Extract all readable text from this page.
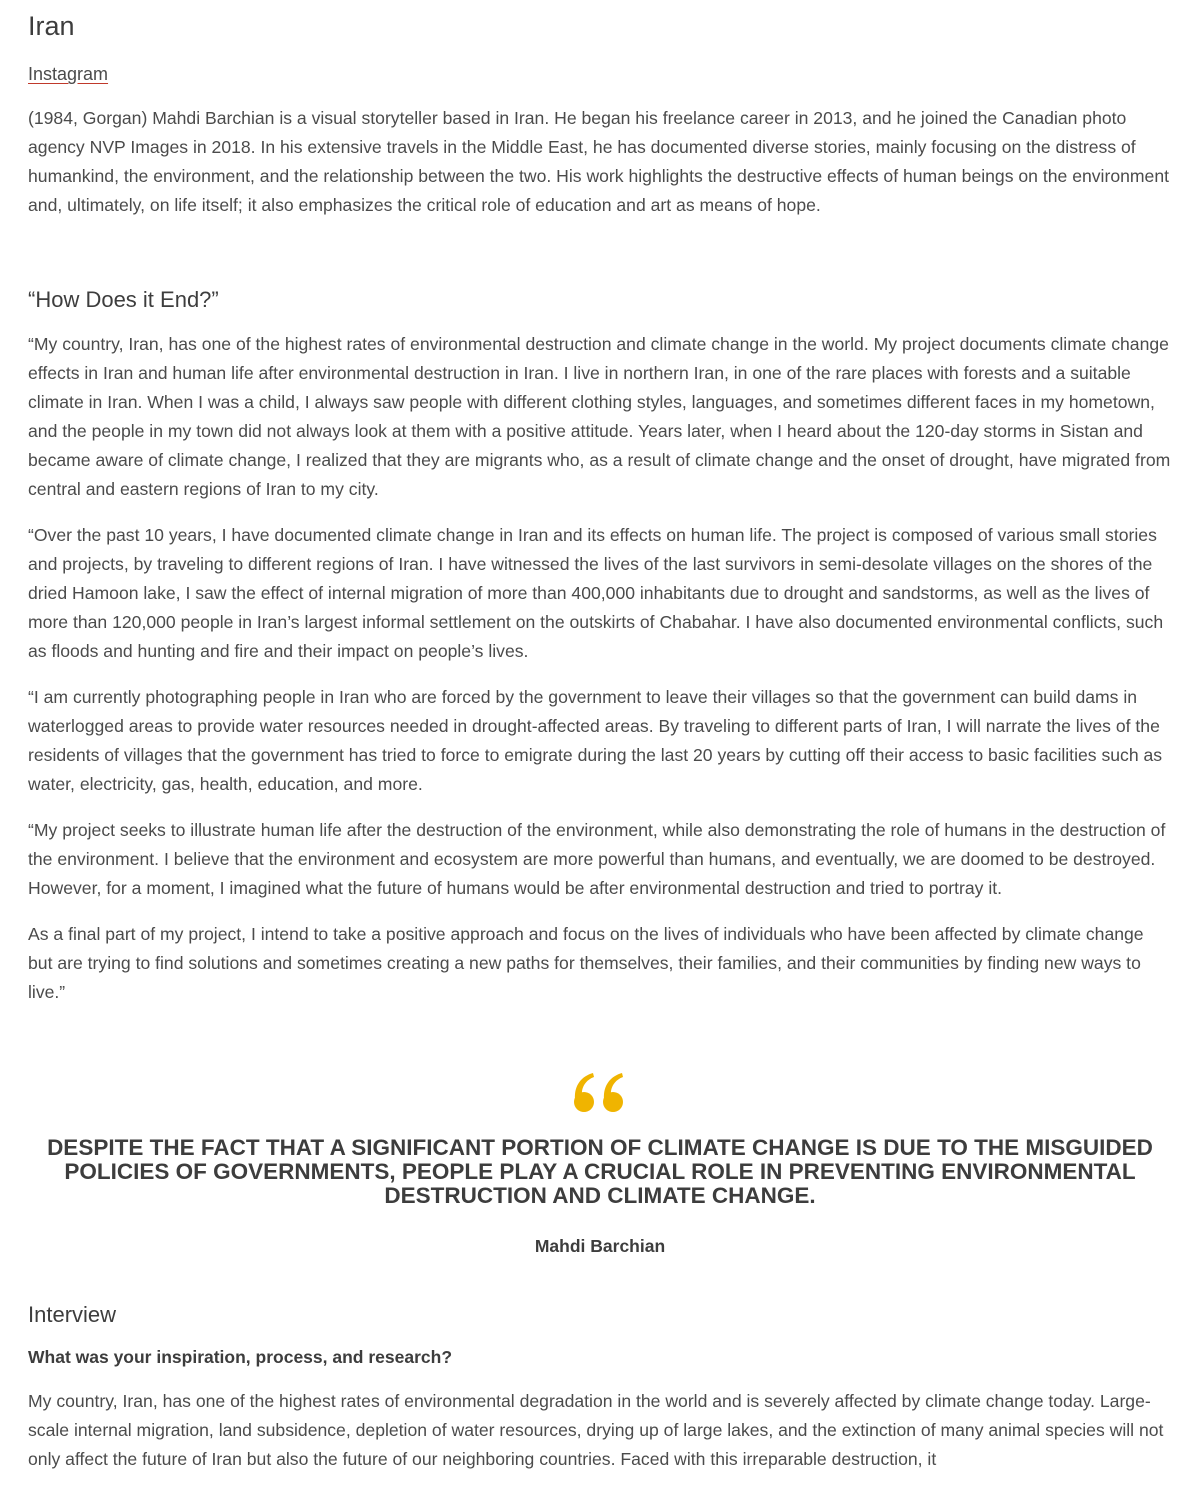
Iran
Instagram

(1984, Gorgan) Mahdi Barchian is a visual storyteller based in Iran. He began his freelance career in 2013, and he joined the Canadian photo agency NVP Images in 2018. In his extensive travels in the Middle East, he has documented diverse stories, mainly focusing on the distress of humankind, the environment, and the relationship between the two. His work highlights the destructive effects of human beings on the environment and, ultimately, on life itself; it also emphasizes the critical role of education and art as means of hope.

“How Does it End?”

“My country, Iran, has one of the highest rates of environmental destruction and climate change in the world. My project documents climate change effects in Iran and human life after environmental destruction in Iran. I live in northern Iran, in one of the rare places with forests and a suitable climate in Iran. When I was a child, I always saw people with different clothing styles, languages, and sometimes different faces in my hometown, and the people in my town did not always look at them with a positive attitude. Years later, when I heard about the 120-day storms in Sistan and became aware of climate change, I realized that they are migrants who, as a result of climate change and the onset of drought, have migrated from central and eastern regions of Iran to my city.

“Over the past 10 years, I have documented climate change in Iran and its effects on human life. The project is composed of various small stories and projects, by traveling to different regions of Iran. I have witnessed the lives of the last survivors in semi-desolate villages on the shores of the dried Hamoon lake, I saw the effect of internal migration of more than 400,000 inhabitants due to drought and sandstorms, as well as the lives of more than 120,000 people in Iran’s largest informal settlement on the outskirts of Chabahar. I have also documented environmental conflicts, such as floods and hunting and fire and their impact on people’s lives.

“I am currently photographing people in Iran who are forced by the government to leave their villages so that the government can build dams in waterlogged areas to provide water resources needed in drought-affected areas. By traveling to different parts of Iran, I will narrate the lives of the residents of villages that the government has tried to force to emigrate during the last 20 years by cutting off their access to basic facilities such as water, electricity, gas, health, education, and more.

“My project seeks to illustrate human life after the destruction of the environment, while also demonstrating the role of humans in the destruction of the environment. I believe that the environment and ecosystem are more powerful than humans, and eventually, we are doomed to be destroyed. However, for a moment, I imagined what the future of humans would be after environmental destruction and tried to portray it.

As a final part of my project, I intend to take a positive approach and focus on the lives of individuals who have been affected by climate change but are trying to find solutions and sometimes creating a new paths for themselves, their families, and their communities by finding new ways to live.”

DESPITE THE FACT THAT A SIGNIFICANT PORTION OF CLIMATE CHANGE IS DUE TO THE MISGUIDED POLICIES OF GOVERNMENTS, PEOPLE PLAY A CRUCIAL ROLE IN PREVENTING ENVIRONMENTAL DESTRUCTION AND CLIMATE CHANGE.

Mahdi Barchian
Interview

What was your inspiration, process, and research?

My country, Iran, has one of the highest rates of environmental degradation in the world and is severely affected by climate change today. Large-scale internal migration, land subsidence, depletion of water resources, drying up of large lakes, and the extinction of many animal species will not only affect the future of Iran but also the future of our neighboring countries. Faced with this irreparable destruction, it
